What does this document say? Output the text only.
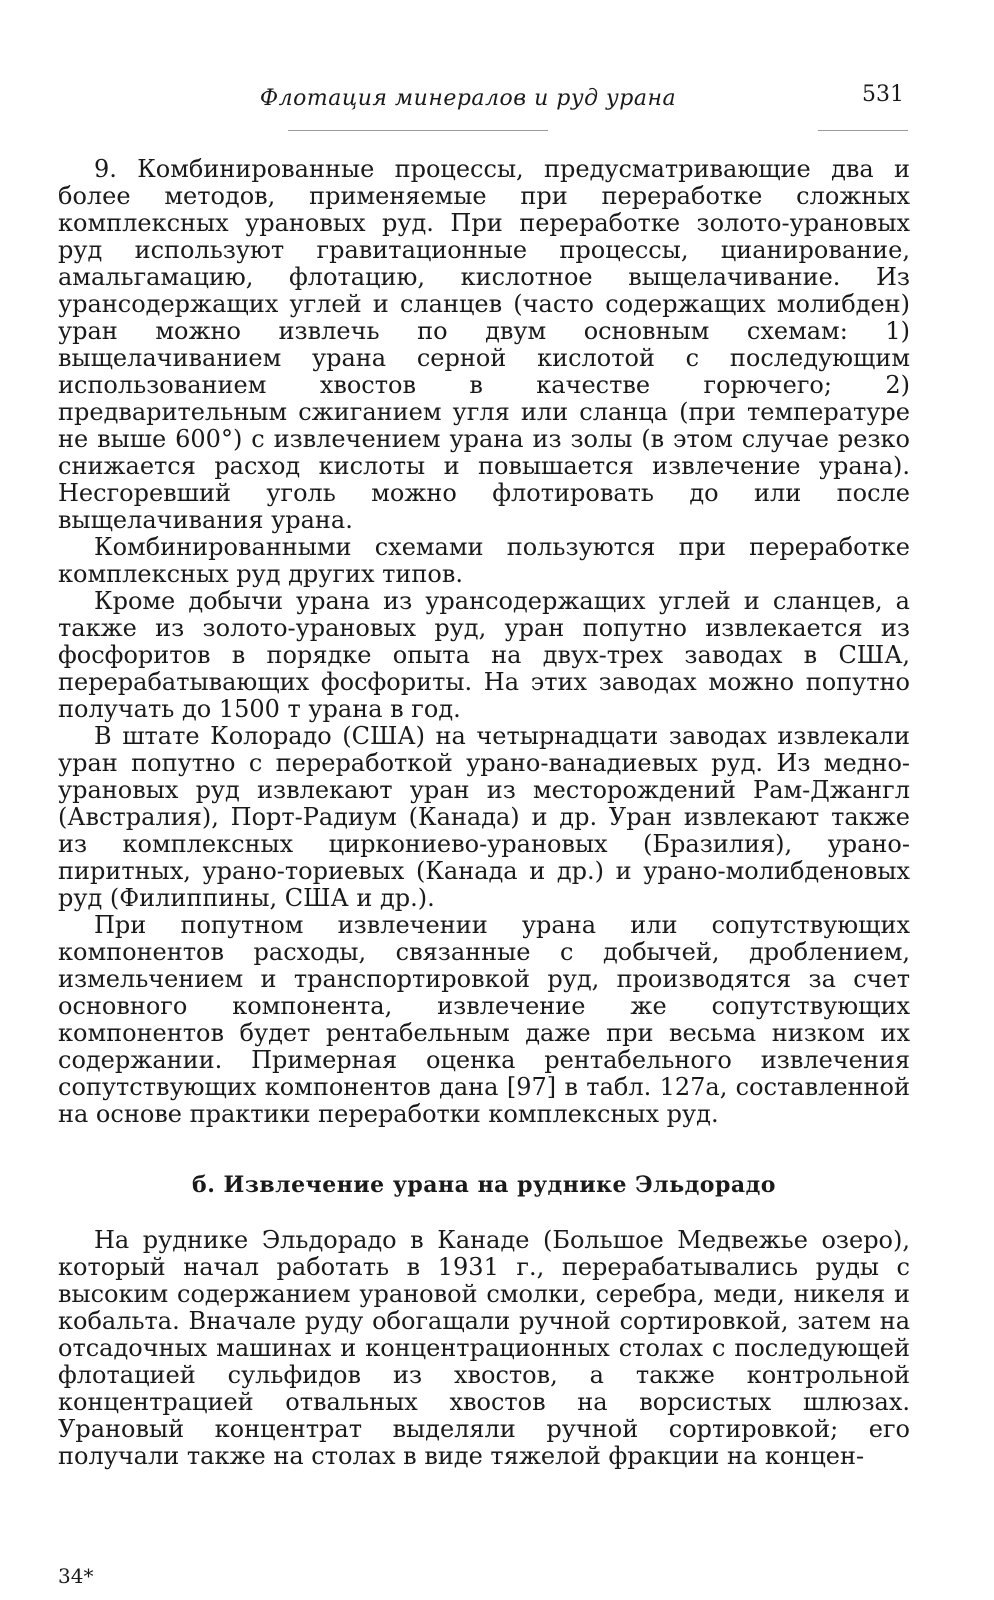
Флотация минералов и руд урана	531

9. Комбинированные процессы, предусматривающие два и более методов, применяемые при переработке сложных комплексных урановых руд. При переработке золото-урановых руд используют гравитационные процессы, цианирование, амальгамацию, флотацию, кислотное выщелачивание. Из урансодержащих углей и сланцев (часто содержащих молибден) уран можно извлечь по двум основным схемам: 1) выщелачиванием урана серной кислотой с последующим использованием хвостов в качестве горючего; 2) предварительным сжиганием угля или сланца (при температуре не выше 600°) с извлечением урана из золы (в этом случае резко снижается расход кислоты и повышается извлечение урана). Несгоревший уголь можно флотировать до или после выщелачивания урана.

Комбинированными схемами пользуются при переработке комплексных руд других типов.

Кроме добычи урана из урансодержащих углей и сланцев, а также из золото-урановых руд, уран попутно извлекается из фосфоритов в порядке опыта на двух-трех заводах в США, перерабатывающих фосфориты. На этих заводах можно попутно получать до 1500 т урана в год.

В штате Колорадо (США) на четырнадцати заводах извлекали уран попутно с переработкой урано-ванадиевых руд. Из медно-урановых руд извлекают уран из месторождений Рам-Джангл (Австралия), Порт-Радиум (Канада) и др. Уран извлекают также из комплексных циркониево-урановых (Бразилия), урано-пиритных, урано-ториевых (Канада и др.) и урано-молибденовых руд (Филиппины, США и др.).

При попутном извлечении урана или сопутствующих компонентов расходы, связанные с добычей, дроблением, измельчением и транспортировкой руд, производятся за счет основного компонента, извлечение же сопутствующих компонентов будет рентабельным даже при весьма низком их содержании. Примерная оценка рентабельного извлечения сопутствующих компонентов дана [97] в табл. 127а, составленной на основе практики переработки комплексных руд.

б. Извлечение урана на руднике Эльдорадо

На руднике Эльдорадо в Канаде (Большое Медвежье озеро), который начал работать в 1931 г., перерабатывались руды с высоким содержанием урановой смолки, серебра, меди, никеля и кобальта. Вначале руду обогащали ручной сортировкой, затем на отсадочных машинах и концентрационных столах с последующей флотацией сульфидов из хвостов, а также контрольной концентрацией отвальных хвостов на ворсистых шлюзах. Урановый концентрат выделяли ручной сортировкой; его получали также на столах в виде тяжелой фракции на концен-

34*
